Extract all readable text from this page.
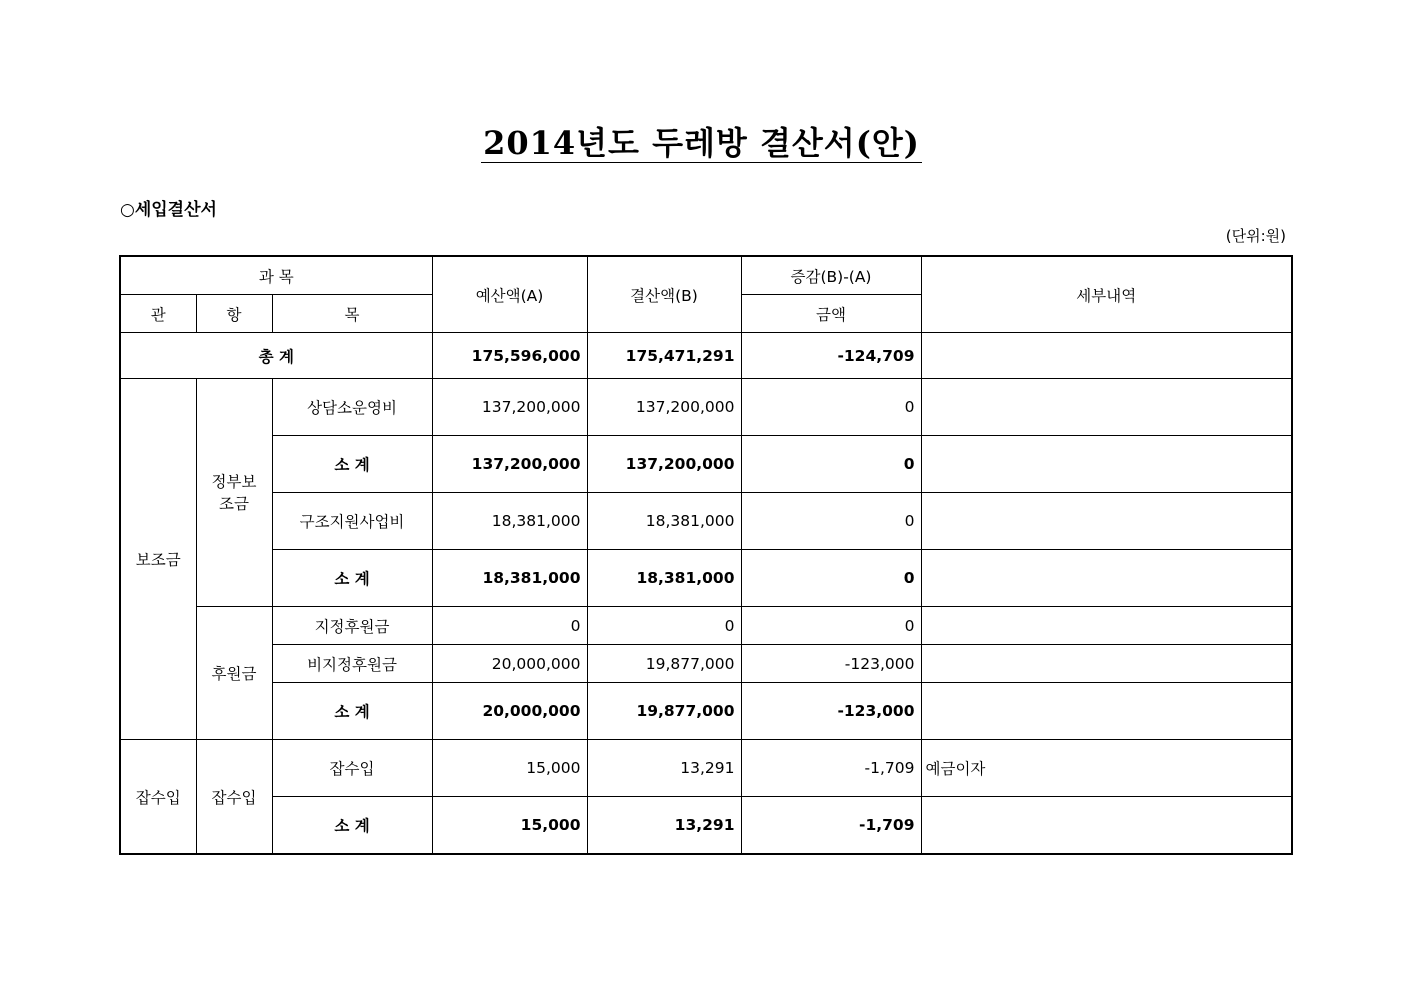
2014년도 두레방 결산서(안)
○세입결산서
(단위:원)
과 목			예산액(A)	결산액(B)	증감(B)-(A)	세부내역
관	항	목			금액	
총 계			175,596,000	175,471,291	-124,709	
보조금	정부보 조금	상담소운영비	137,200,000	137,200,000	0	
		소 계	137,200,000	137,200,000	0	
		구조지원사업비	18,381,000	18,381,000	0	
		소 계	18,381,000	18,381,000	0	
	후원금	지정후원금	0	0	0	
		비지정후원금	20,000,000	19,877,000	-123,000	
		소 계	20,000,000	19,877,000	-123,000	
잡수입	잡수입	잡수입	15,000	13,291	-1,709	예금이자
		소 계	15,000	13,291	-1,709	
